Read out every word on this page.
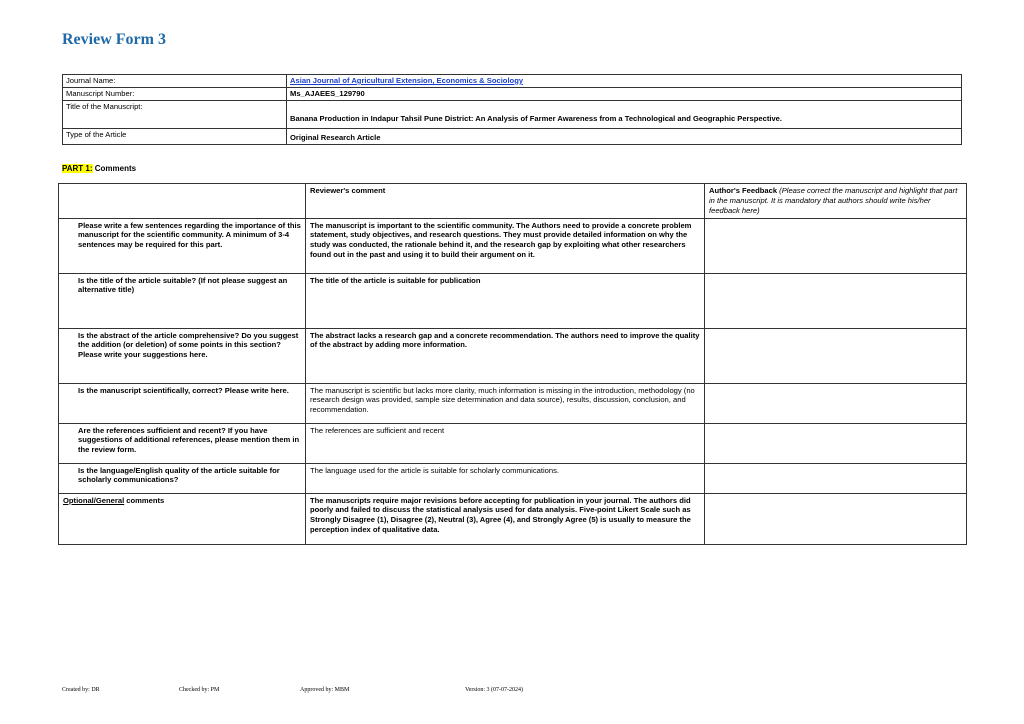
Review Form 3
Journal Name:	Asian Journal of Agricultural Extension, Economics & Sociology
Manuscript Number:	Ms_AJAEES_129790
Title of the Manuscript:	Banana Production in Indapur Tahsil Pune District: An Analysis of Farmer Awareness from a Technological and Geographic Perspective.
Type of the Article	Original Research Article
PART 1: Comments
	Reviewer's comment	Author's Feedback (Please correct the manuscript and highlight that part in the manuscript. It is mandatory that authors should write his/her feedback here)
Please write a few sentences regarding the importance of this manuscript for the scientific community. A minimum of 3-4 sentences may be required for this part.	The manuscript is important to the scientific community. The Authors need to provide a concrete problem statement, study objectives, and research questions. They must provide detailed information on why the study was conducted, the rationale behind it, and the research gap by exploiting what other researchers found out in the past and using it to build their argument on it.	
Is the title of the article suitable? (If not please suggest an alternative title)	The title of the article is suitable for publication	
Is the abstract of the article comprehensive? Do you suggest the addition (or deletion) of some points in this section? Please write your suggestions here.	The abstract lacks a research gap and a concrete recommendation. The authors need to improve the quality of the abstract by adding more information.	
Is the manuscript scientifically, correct? Please write here.	The manuscript is scientific but lacks more clarity, much information is missing in the introduction, methodology (no research design was provided, sample size determination and data source), results, discussion, conclusion, and recommendation.	
Are the references sufficient and recent? If you have suggestions of additional references, please mention them in the review form.	The references are sufficient and recent	
Is the language/English quality of the article suitable for scholarly communications?	The language used for the article is suitable for scholarly communications.	
Optional/General comments	The manuscripts require major revisions before accepting for publication in your journal. The authors did poorly and failed to discuss the statistical analysis used for data analysis. Five-point Likert Scale such as Strongly Disagree (1), Disagree (2), Neutral (3), Agree (4), and Strongly Agree (5) is usually to measure the perception index of qualitative data.	
Created by: DR	Checked by: PM	Approved by: MBM	Version: 3 (07-07-2024)
